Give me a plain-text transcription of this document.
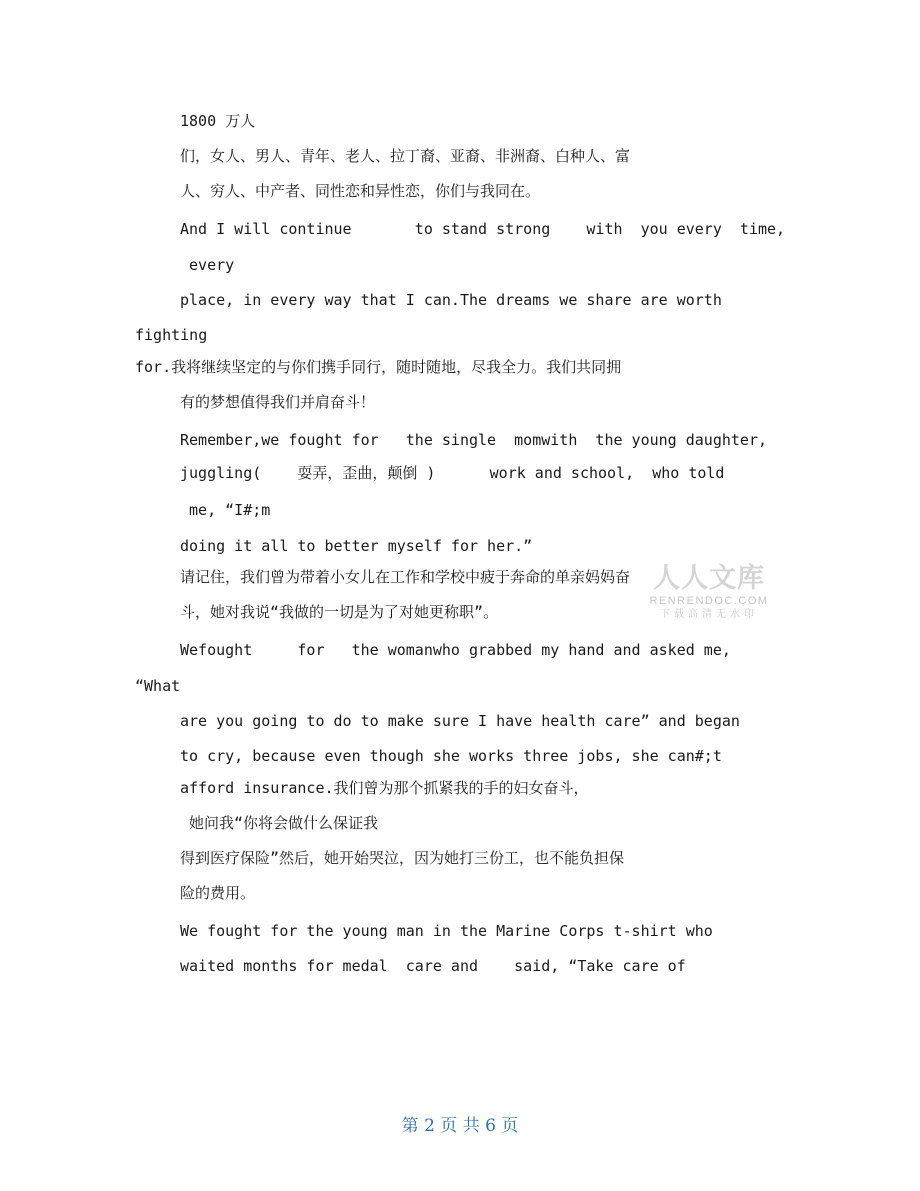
1800 万人
们，女人、男人、青年、老人、拉丁裔、亚裔、非洲裔、白种人、富
人、穷人、中产者、同性恋和异性恋，你们与我同在。
And I will continue       to stand strong    with  you every  time,
every
place, in every way that I can.The dreams we share are worth
fighting
for.我将继续坚定的与你们携手同行，随时随地，尽我全力。我们共同拥
有的梦想值得我们并肩奋斗！
Remember,we fought for   the single  momwith  the young daughter,
juggling(    耍弄，歪曲，颠倒 )      work and school,  who told
me, “I#;m
doing it all to better myself for her.”
请记住，我们曾为带着小女儿在工作和学校中疲于奔命的单亲妈妈奋
斗，她对我说“我做的一切是为了对她更称职”。
Wefought     for   the womanwho grabbed my hand and asked me,
“What
are you going to do to make sure I have health care” and began
to cry, because even though she works three jobs, she can#;t
afford insurance.我们曾为那个抓紧我的手的妇女奋斗，
她问我“你将会做什么保证我
得到医疗保险”然后，她开始哭泣，因为她打三份工，也不能负担保
险的费用。
We fought for the young man in the Marine Corps t-shirt who
waited months for medal  care and    said, “Take care of
人人文库
RENRENDOC.COM
下载高清无水印
第 2 页 共 6 页
